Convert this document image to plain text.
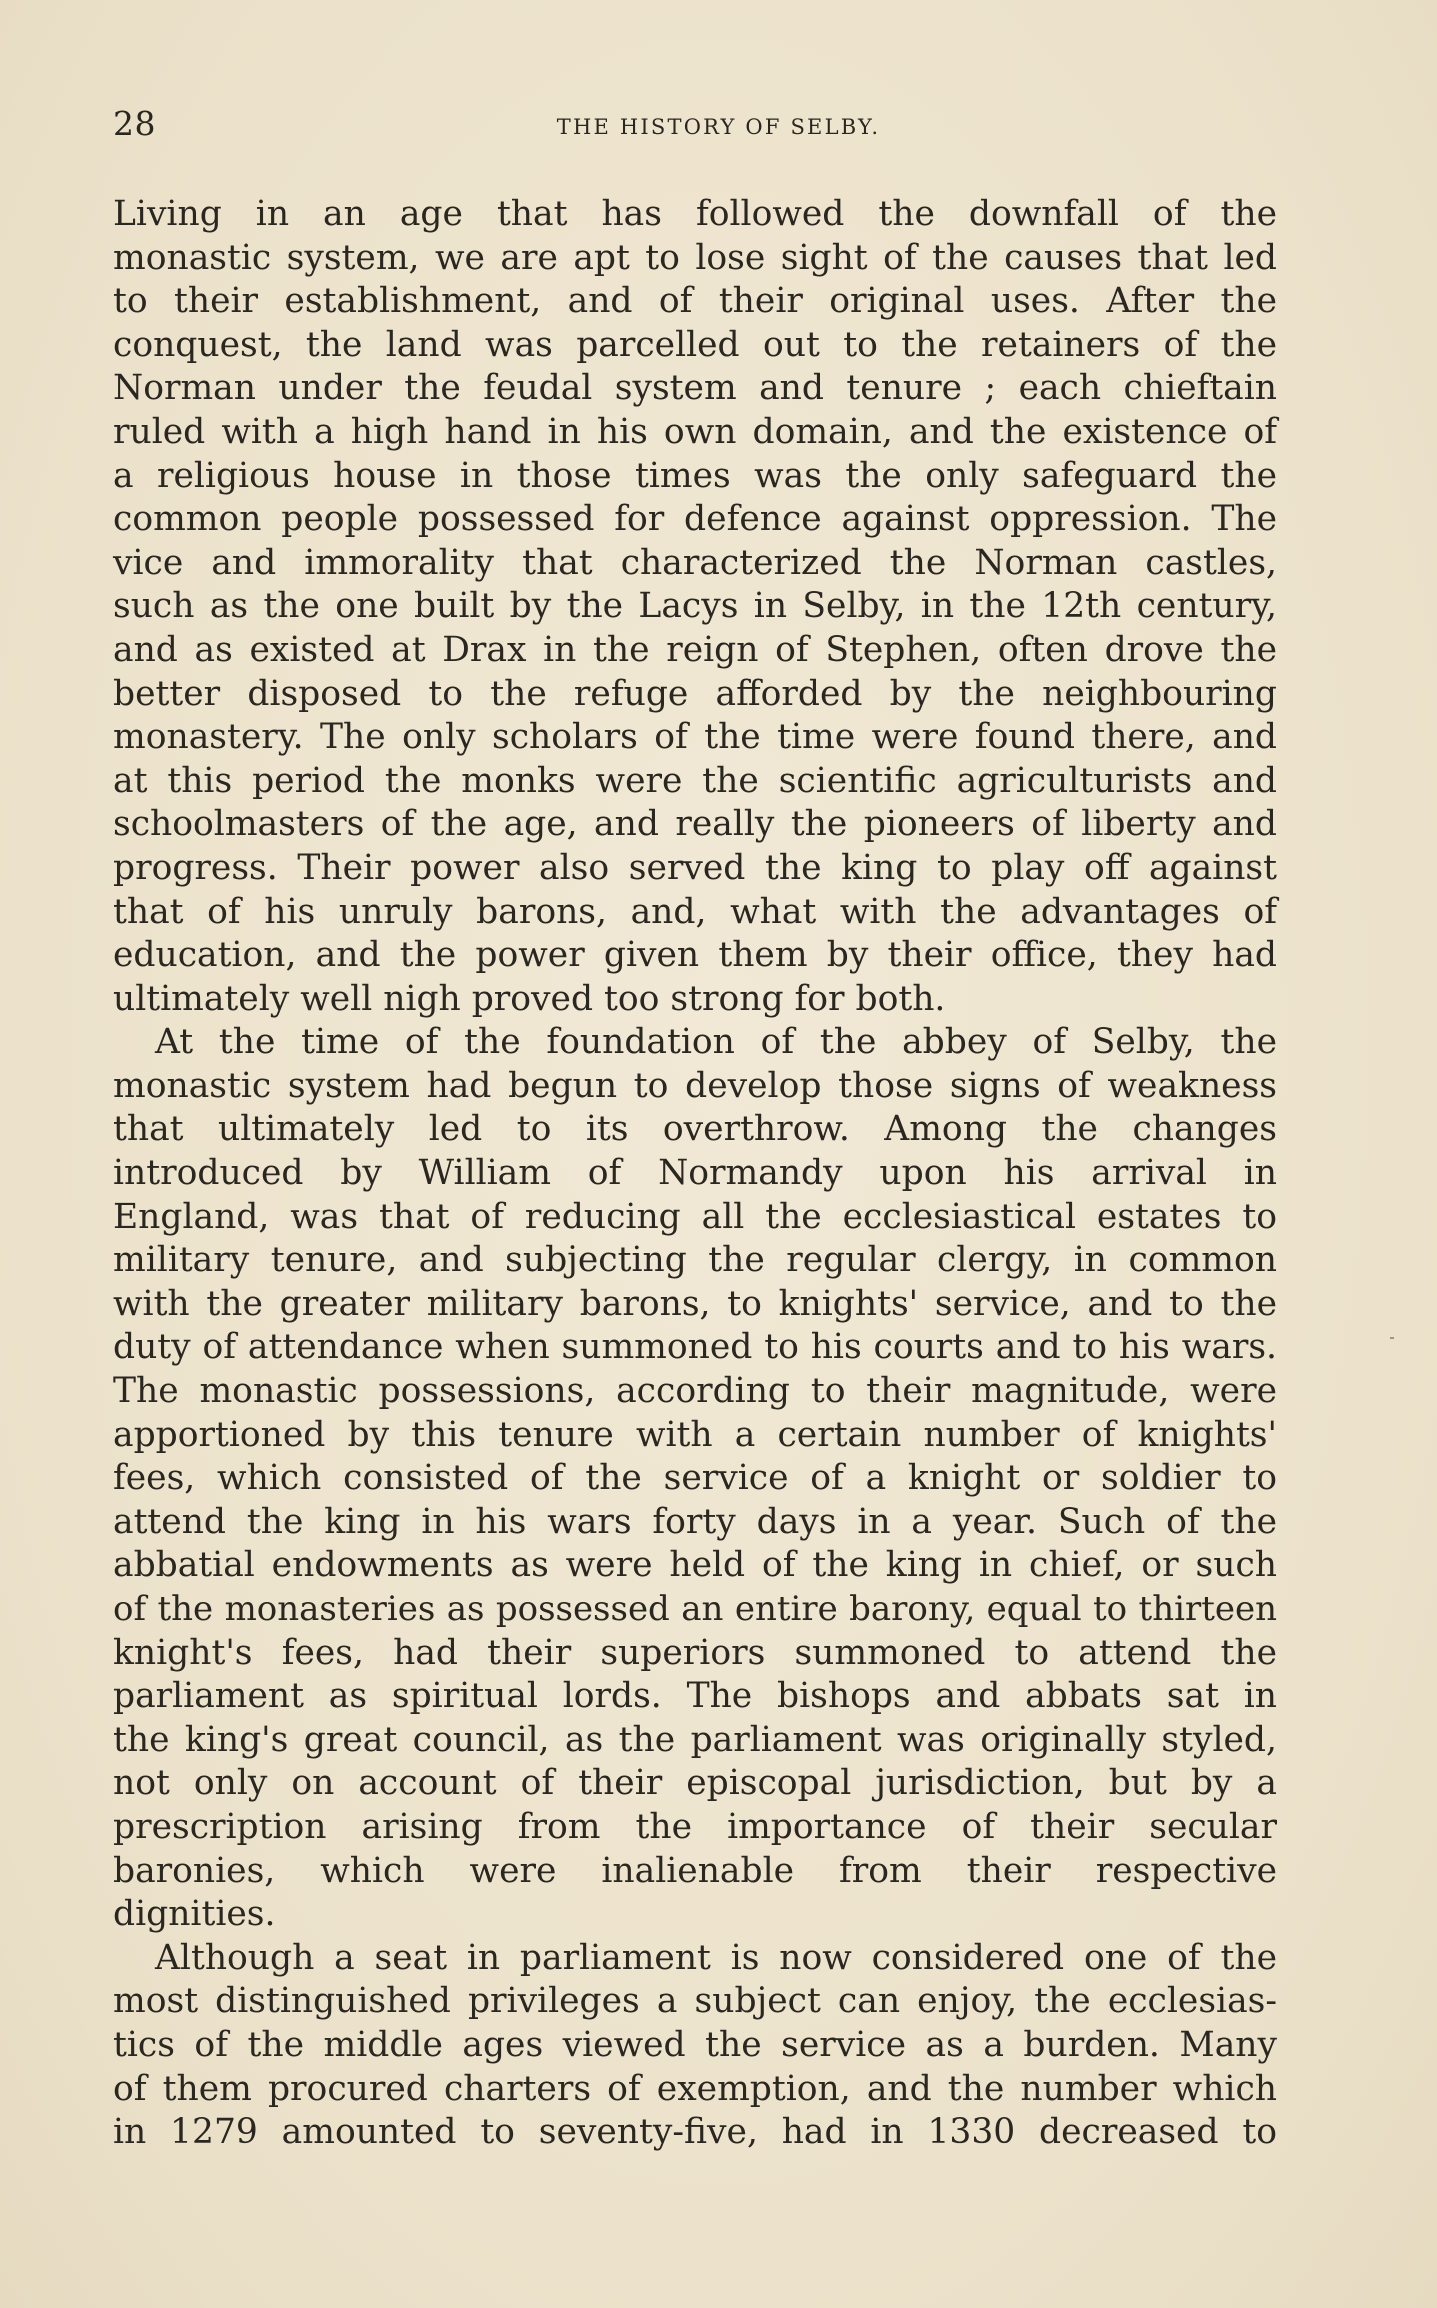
28	THE HISTORY OF SELBY.
Living in an age that has followed the downfall of the
monastic system, we are apt to lose sight of the causes that led
to their establishment, and of their original uses. After the
conquest, the land was parcelled out to the retainers of the
Norman under the feudal system and tenure ; each chieftain
ruled with a high hand in his own domain, and the existence of
a religious house in those times was the only safeguard the
common people possessed for defence against oppression. The
vice and immorality that characterized the Norman castles,
such as the one built by the Lacys in Selby, in the 12th century,
and as existed at Drax in the reign of Stephen, often drove the
better disposed to the refuge afforded by the neighbouring
monastery. The only scholars of the time were found there, and
at this period the monks were the scientific agriculturists and
schoolmasters of the age, and really the pioneers of liberty and
progress. Their power also served the king to play off against
that of his unruly barons, and, what with the advantages of
education, and the power given them by their office, they had
ultimately well nigh proved too strong for both.
At the time of the foundation of the abbey of Selby, the
monastic system had begun to develop those signs of weakness
that ultimately led to its overthrow. Among the changes
introduced by William of Normandy upon his arrival in
England, was that of reducing all the ecclesiastical estates to
military tenure, and subjecting the regular clergy, in common
with the greater military barons, to knights' service, and to the
duty of attendance when summoned to his courts and to his wars.
The monastic possessions, according to their magnitude, were
apportioned by this tenure with a certain number of knights'
fees, which consisted of the service of a knight or soldier to
attend the king in his wars forty days in a year. Such of the
abbatial endowments as were held of the king in chief, or such
of the monasteries as possessed an entire barony, equal to thirteen
knight's fees, had their superiors summoned to attend the
parliament as spiritual lords. The bishops and abbats sat in
the king's great council, as the parliament was originally styled,
not only on account of their episcopal jurisdiction, but by a
prescription arising from the importance of their secular
baronies, which were inalienable from their respective
dignities.
Although a seat in parliament is now considered one of the
most distinguished privileges a subject can enjoy, the ecclesias-
tics of the middle ages viewed the service as a burden. Many
of them procured charters of exemption, and the number which
in 1279 amounted to seventy-five, had in 1330 decreased to
